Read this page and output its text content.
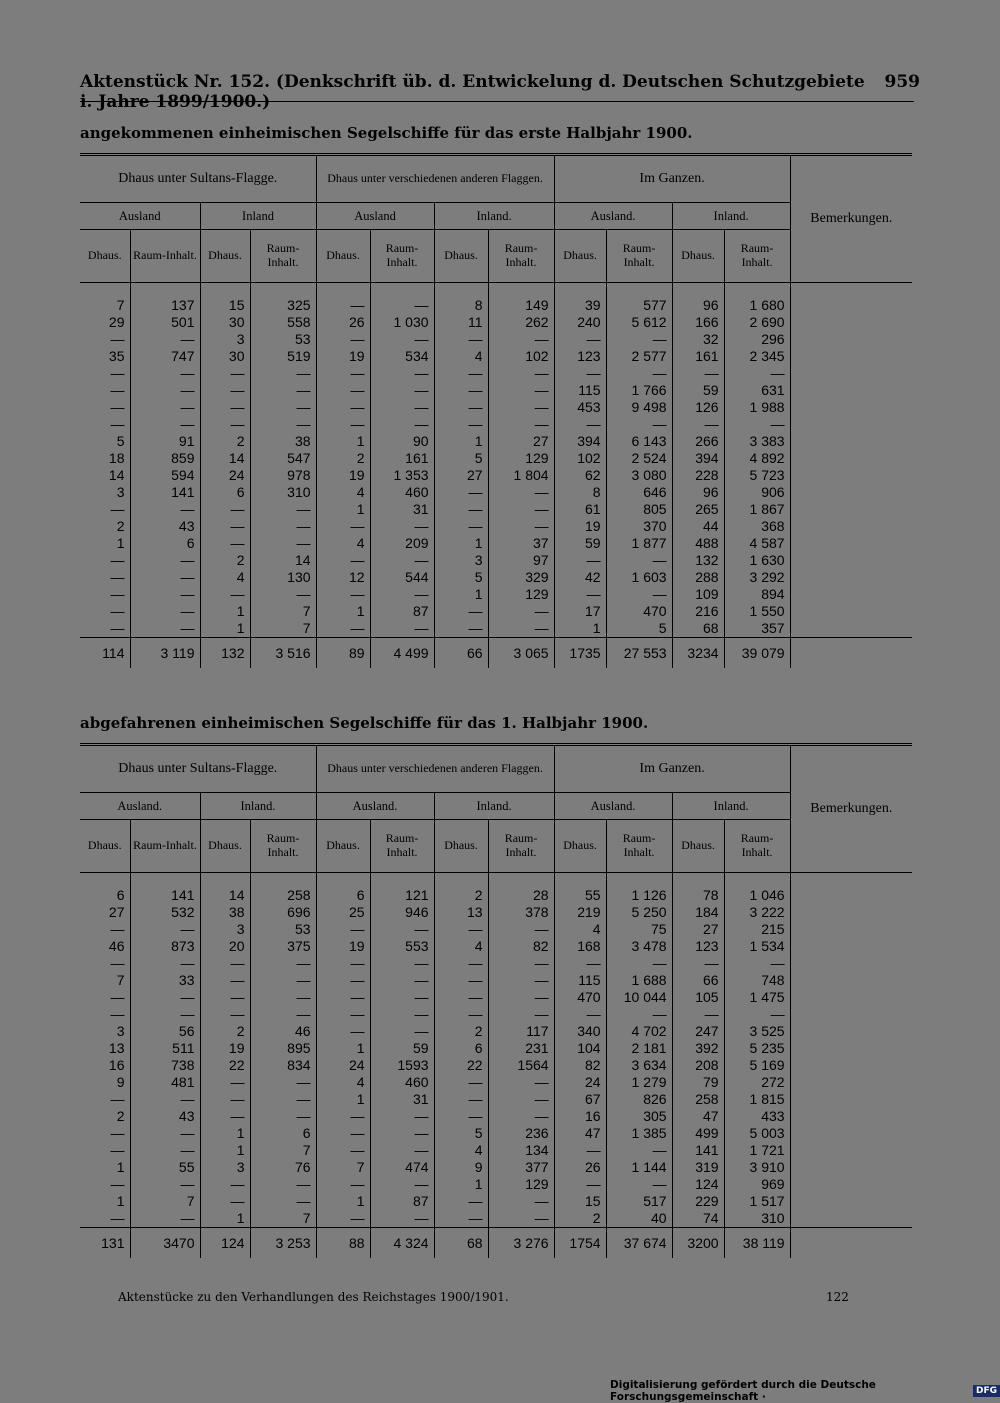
Aktenstück Nr. 152. (Denkschrift üb. d. Entwickelung d. Deutschen Schutzgebiete i. Jahre 1899/1900.)
959
angekommenen einheimischen Segelschiffe für das erste Halbjahr 1900.
Dhaus unter Sultans-Flagge.				Dhaus unter verschiedenen anderen Flaggen.				Im Ganzen.				Bemerkungen.
Ausland		Inland		Ausland		Inland.		Ausland.		Inland.		
Dhaus.	Raum-Inhalt.	Dhaus.	Raum-Inhalt.	Dhaus.	Raum-Inhalt.	Dhaus.	Raum-Inhalt.	Dhaus.	Raum-Inhalt.	Dhaus.	Raum-Inhalt.	

7	137	15	325	—	—	8	149	39	577	96	1 680	
29	501	30	558	26	1 030	11	262	240	5 612	166	2 690	
—	—	3	53	—	—	—	—	—	—	32	296	
35	747	30	519	19	534	4	102	123	2 577	161	2 345	
—	—	—	—	—	—	—	—	—	—	—	—	
—	—	—	—	—	—	—	—	115	1 766	59	631	
—	—	—	—	—	—	—	—	453	9 498	126	1 988	
—	—	—	—	—	—	—	—	—	—	—	—	
5	91	2	38	1	90	1	27	394	6 143	266	3 383	
18	859	14	547	2	161	5	129	102	2 524	394	4 892	
14	594	24	978	19	1 353	27	1 804	62	3 080	228	5 723	
3	141	6	310	4	460	—	—	8	646	96	906	
—	—	—	—	1	31	—	—	61	805	265	1 867	
2	43	—	—	—	—	—	—	19	370	44	368	
1	6	—	—	4	209	1	37	59	1 877	488	4 587	
—	—	2	14	—	—	3	97	—	—	132	1 630	
—	—	4	130	12	544	5	329	42	1 603	288	3 292	
—	—	—	—	—	—	1	129	—	—	109	894	
—	—	1	7	1	87	—	—	17	470	216	1 550	
—	—	1	7	—	—	—	—	1	5	68	357	
114	3 119	132	3 516	89	4 499	66	3 065	1735	27 553	3234	39 079	
abgefahrenen einheimischen Segelschiffe für das 1. Halbjahr 1900.
Dhaus unter Sultans-Flagge.				Dhaus unter verschiedenen anderen Flaggen.				Im Ganzen.				Bemerkungen.
Ausland.		Inland.		Ausland.		Inland.		Ausland.		Inland.		
Dhaus.	Raum-Inhalt.	Dhaus.	Raum-Inhalt.	Dhaus.	Raum-Inhalt.	Dhaus.	Raum-Inhalt.	Dhaus.	Raum-Inhalt.	Dhaus.	Raum-Inhalt.	

6	141	14	258	6	121	2	28	55	1 126	78	1 046	
27	532	38	696	25	946	13	378	219	5 250	184	3 222	
—	—	3	53	—	—	—	—	4	75	27	215	
46	873	20	375	19	553	4	82	168	3 478	123	1 534	
—	—	—	—	—	—	—	—	—	—	—	—	
7	33	—	—	—	—	—	—	115	1 688	66	748	
—	—	—	—	—	—	—	—	470	10 044	105	1 475	
—	—	—	—	—	—	—	—	—	—	—	—	
3	56	2	46	—	—	2	117	340	4 702	247	3 525	
13	511	19	895	1	59	6	231	104	2 181	392	5 235	
16	738	22	834	24	1593	22	1564	82	3 634	208	5 169	
9	481	—	—	4	460	—	—	24	1 279	79	272	
—	—	—	—	1	31	—	—	67	826	258	1 815	
2	43	—	—	—	—	—	—	16	305	47	433	
—	—	1	6	—	—	5	236	47	1 385	499	5 003	
—	—	1	7	—	—	4	134	—	—	141	1 721	
1	55	3	76	7	474	9	377	26	1 144	319	3 910	
—	—	—	—	—	—	1	129	—	—	124	969	
1	7	—	—	1	87	—	—	15	517	229	1 517	
—	—	1	7	—	—	—	—	2	40	74	310	
131	3470	124	3 253	88	4 324	68	3 276	1754	37 674	3200	38 119	
Aktenstücke zu den Verhandlungen des Reichstages 1900/1901.	122
Digitalisierung gefördert durch die Deutsche Forschungsgemeinschaft ·	DFG
